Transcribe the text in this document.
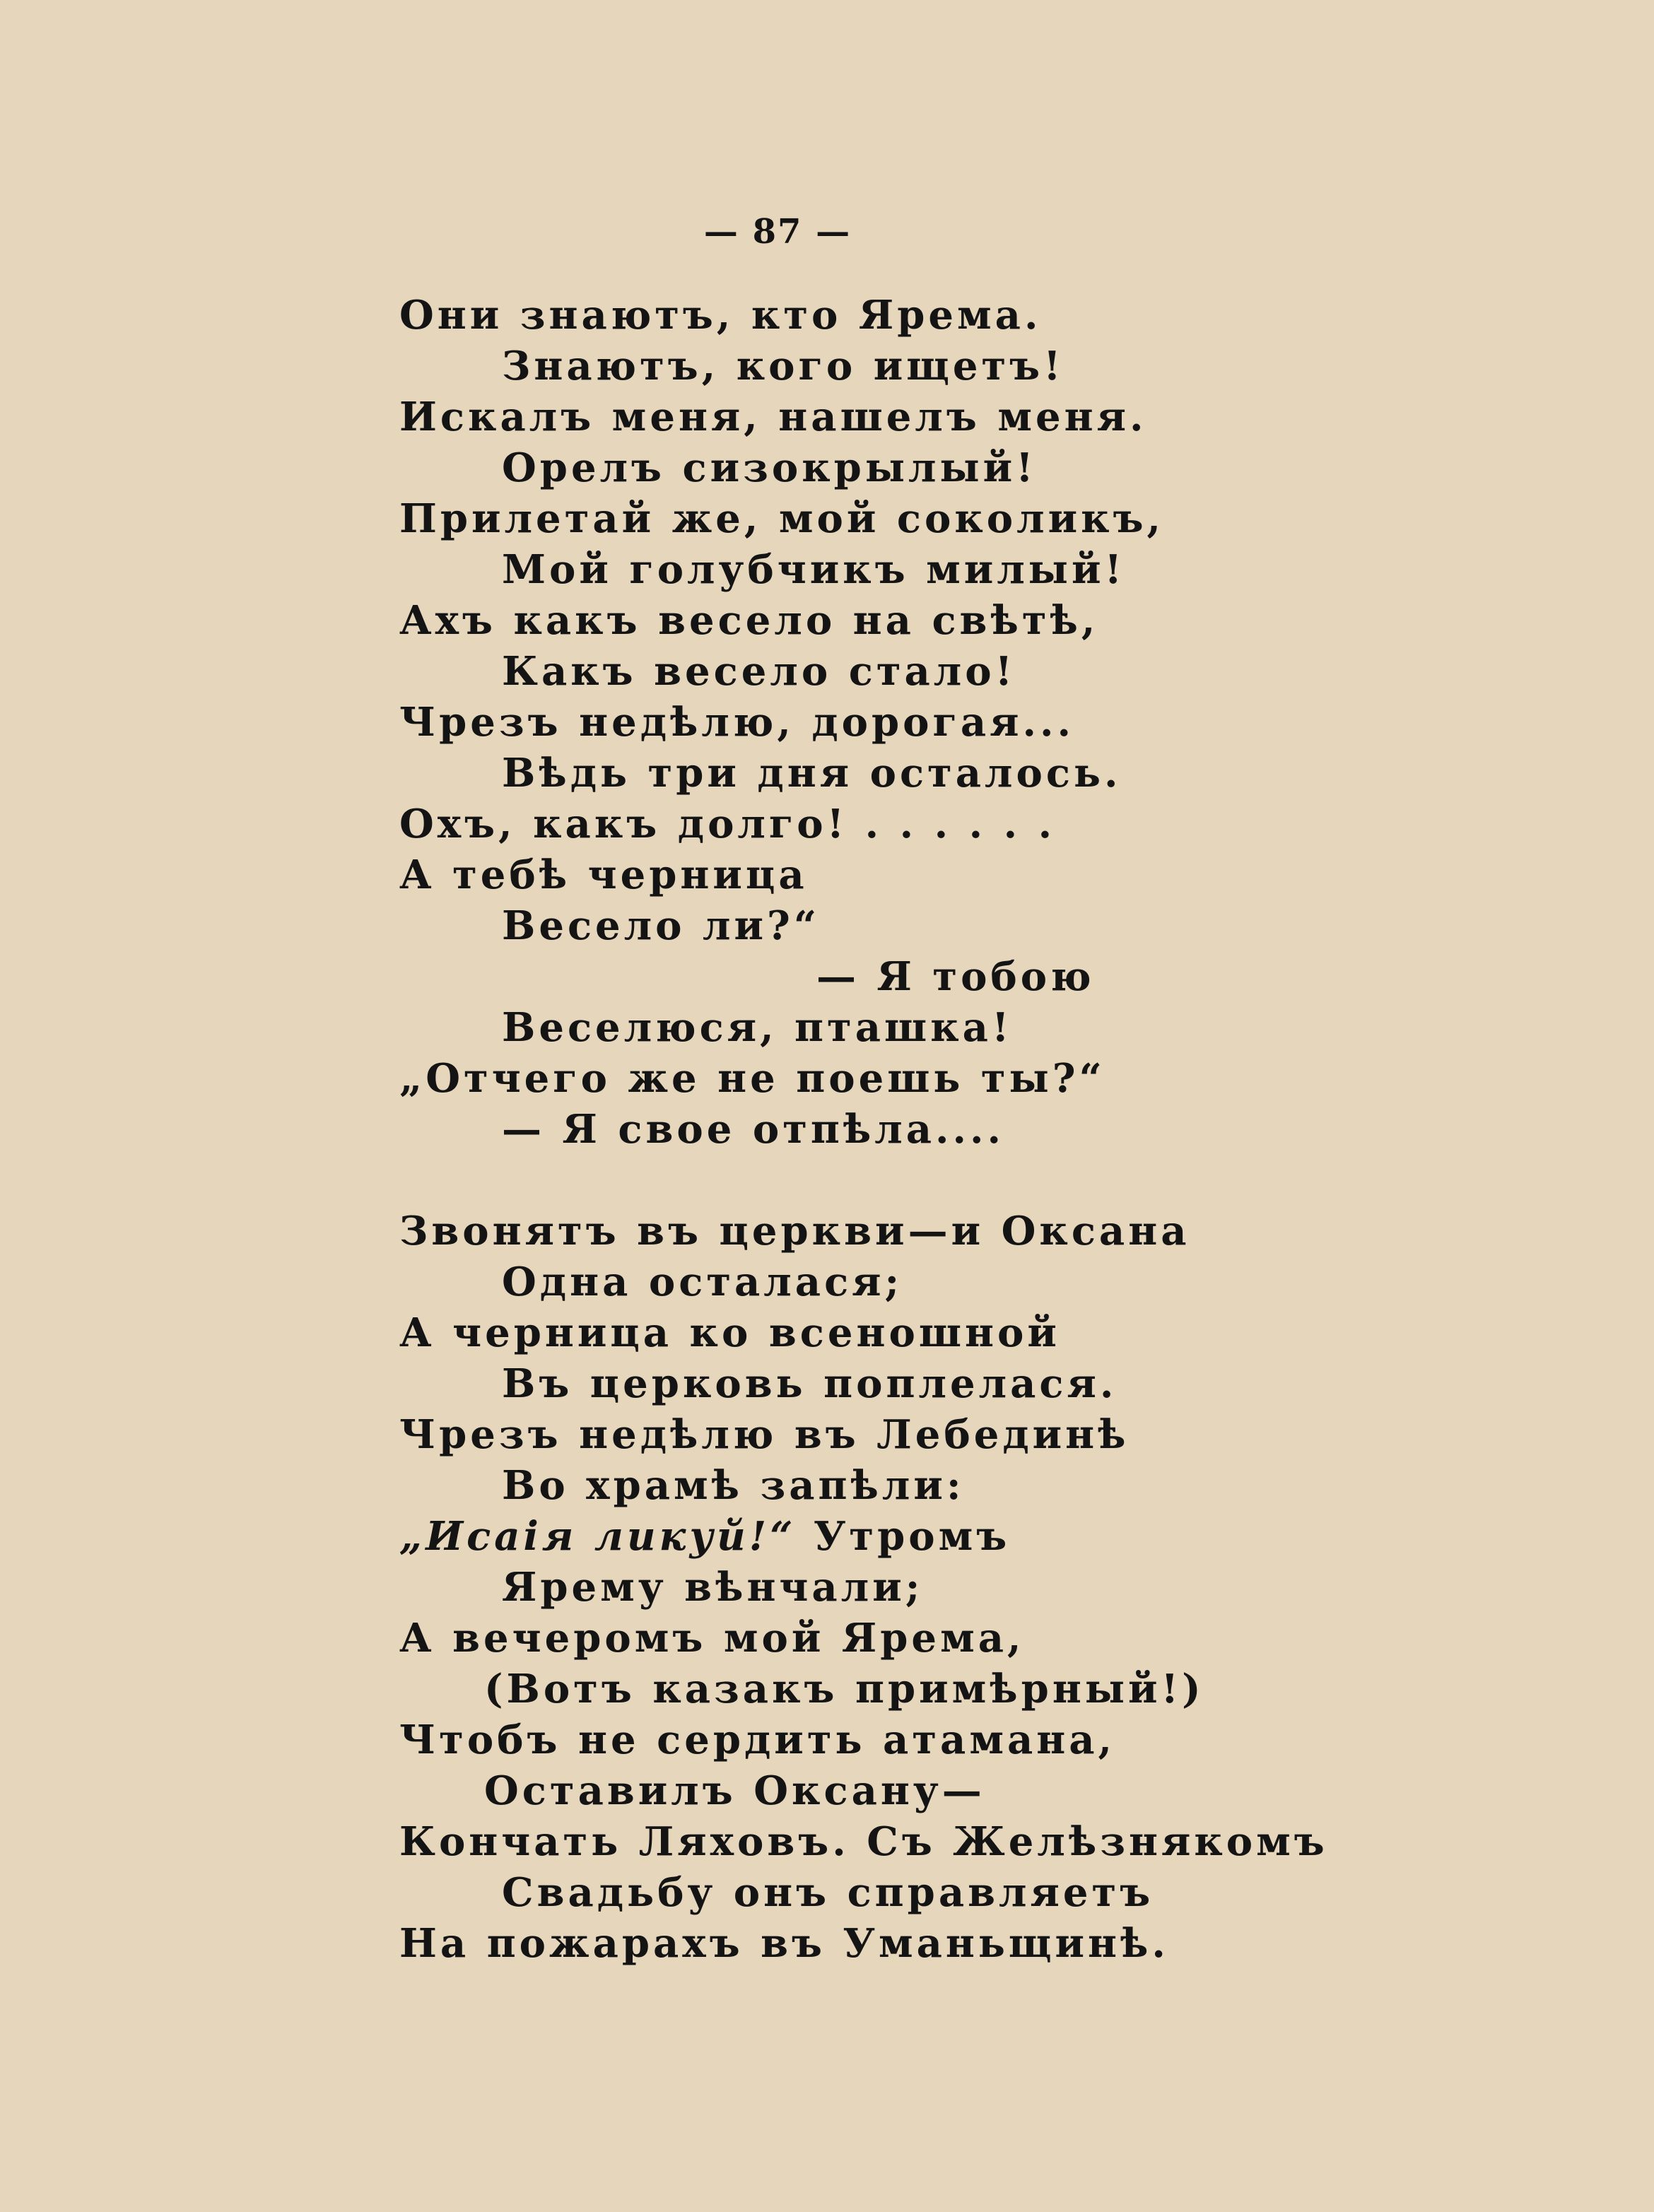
— 87 —
Они знаютъ, кто Ярема.
Знаютъ, кого ищетъ!
Искалъ меня, нашелъ меня.
Орелъ сизокрылый!
Прилетай же, мой соколикъ,
Мой голубчикъ милый!
Ахъ какъ весело на свѣтѣ,
Какъ весело стало!
Чрезъ недѣлю, дорогая...
Вѣдь три дня осталось.
Охъ, какъ долго! . . . . . .
А тебѣ черница
Весело ли?“
— Я тобою
Веселюся, пташка!
„Отчего же не поешь ты?“
— Я свое отпѣла....
Звонятъ въ церкви—и Оксана
Одна осталася;
А черница ко всеношной
Въ церковь поплелася.
Чрезъ недѣлю въ Лебединѣ
Во храмѣ запѣли:
„Исаія ликуй!“ Утромъ
Ярему вѣнчали;
А вечеромъ мой Ярема,
(Вотъ казакъ примѣрный!)
Чтобъ не сердить атамана,
Оставилъ Оксану—
Кончать Ляховъ. Съ Желѣзнякомъ
Свадьбу онъ справляетъ
На пожарахъ въ Уманьщинѣ.
